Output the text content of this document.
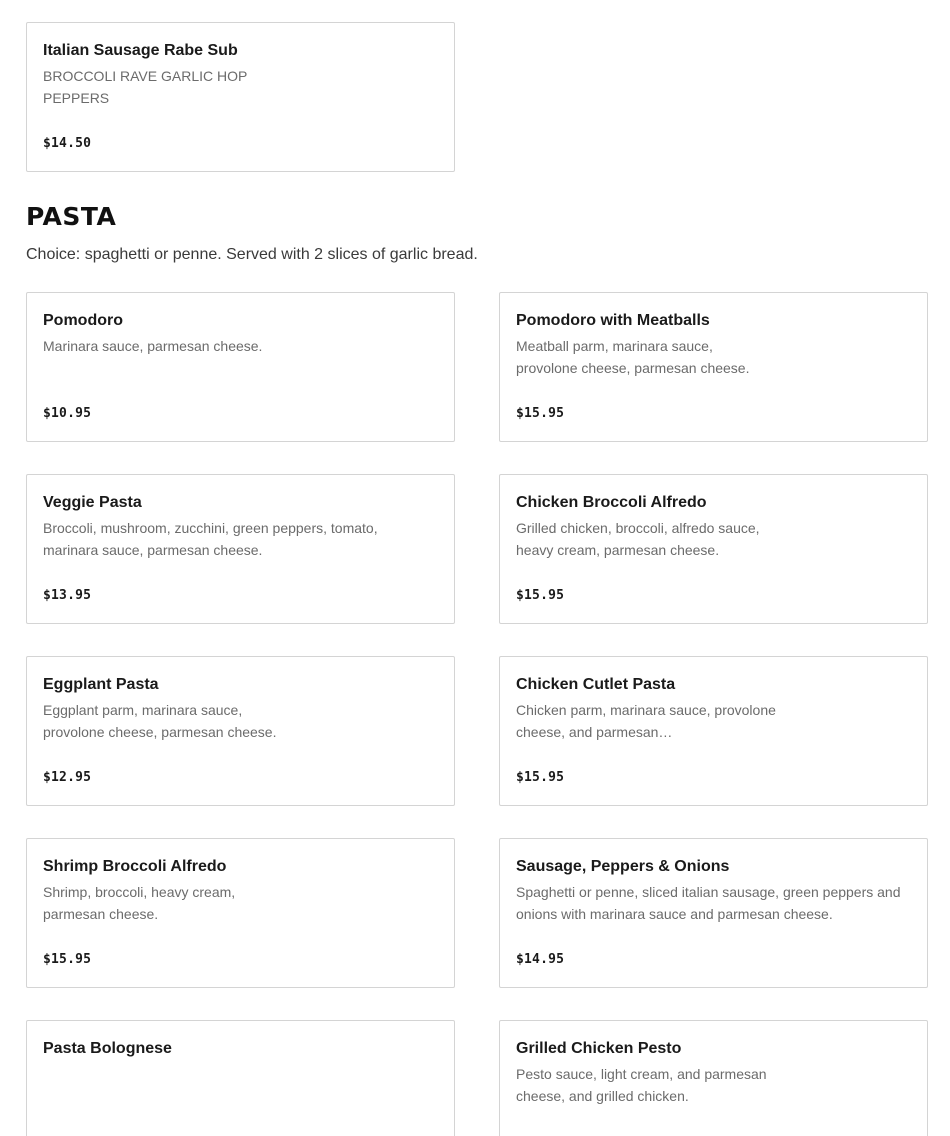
Italian Sausage Rabe Sub
BROCCOLI RAVE GARLIC HOP PEPPERS
$14.50
PASTA

Choice: spaghetti or penne. Served with 2 slices of garlic bread.

Pomodoro
Marinara sauce, parmesan cheese.
$10.95
Pomodoro with Meatballs
Meatball parm, marinara sauce, provolone cheese, parmesan cheese.
$15.95
Veggie Pasta
Broccoli, mushroom, zucchini, green peppers, tomato, marinara sauce, parmesan cheese.
$13.95
Chicken Broccoli Alfredo
Grilled chicken, broccoli, alfredo sauce, heavy cream, parmesan cheese.
$15.95
Eggplant Pasta
Eggplant parm, marinara sauce, provolone cheese, parmesan cheese.
$12.95
Chicken Cutlet Pasta
Chicken parm, marinara sauce, provolone cheese, and parmesan…
$15.95
Shrimp Broccoli Alfredo
Shrimp, broccoli, heavy cream, parmesan cheese.
$15.95
Sausage, Peppers & Onions
Spaghetti or penne, sliced italian sausage, green peppers and onions with marinara sauce and parmesan cheese.
$14.95
Pasta Bolognese	Grilled Chicken Pesto
Pesto sauce, light cream, and parmesan cheese, and grilled chicken.
